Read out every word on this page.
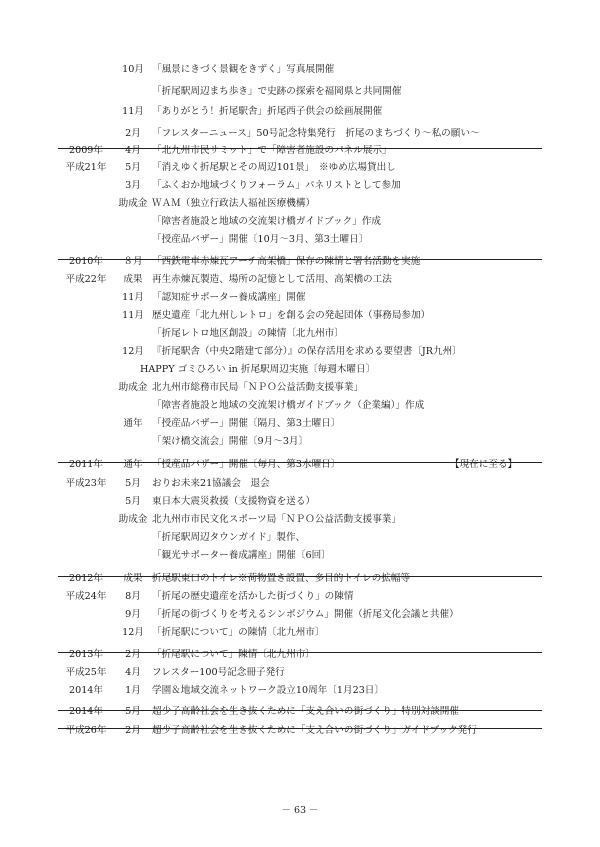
10月 「風景にきづく景観をきずく」写真展開催
「折尾駅周辺まち歩き」で史跡の探索を福岡県と共同開催
11月 「ありがとう！折尾駅舎」折尾西子供会の絵画展開催
2月	「フレスターニュース」50号記念特集発行　折尾のまちづくり～私の願い～
2009年	4月	「北九州市民サミット」で「障害者施設のパネル展示」
平成21年	5月	「消えゆく折尾駅とその周辺101景」　※ゆめ広場貸出し
3月	「ふくおか地域づくりフォーラム」パネリストとして参加
助成金 ＷＡＭ（独立行政法人福祉医療機構）
「障害者施設と地域の交流架け橋ガイドブック」作成
「授産品バザー」開催〔10月～3月、第3土曜日〕
2010年	８月 「西鉄電車赤煉瓦アーチ高架橋」保存の陳情と署名活動を実施
平成22年	成果 再生赤煉瓦製造、場所の記憶として活用、高架橋の工法
11月 「認知症サポーター養成講座」開催
11月 歴史遺産「北九州しレトロ」を創る会の発起団体（事務局参加）
「折尾レトロ地区創設」の陳情〔北九州市〕
12月 『折尾駅舎（中央2階建て部分）』の保存活用を求める要望書〔JR九州〕
HAPPY ゴミひろい in 折尾駅周辺実施〔毎週木曜日〕
助成金 北九州市総務市民局「ＮＰＯ公益活動支援事業」
「障害者施設と地域の交流架け橋ガイドブック（企業編）」作成
通年 「授産品バザー」開催〔隔月、第3土曜日〕
「架け橋交流会」開催〔9月～3月〕
2011年	通年 「授産品バザー」開催〔毎月、第3水曜日〕	【現在に至る】
平成23年	5月	おりお未来21協議会　退会
5月	東日本大震災救援（支援物資を送る）
助成金 北九州市市民文化スポーツ局「ＮＰＯ公益活動支援事業」
「折尾駅周辺タウンガイド」製作、
「観光サポーター養成講座」開催〔6回〕
2012年	成果 折尾駅東口のトイレ※荷物置き設置、多目的トイレの拡幅等
平成24年	8月	「折尾の歴史遺産を活かした街づくり」の陳情
9月	「折尾の街づくりを考えるシンポジウム」開催（折尾文化会議と共催）
12月 「折尾駅について」の陳情〔北九州市〕
2013年	2月	「折尾駅について」陳情〔北九州市〕
平成25年	4月	フレスター100号記念冊子発行
2014年	1月	学園＆地域交流ネットワーク設立10周年〔1月23日〕
2014年	5月	超少子高齢社会を生き抜くために「支え合いの街づくり」特別対談開催
平成26年	2月	超少子高齢社会を生き抜くために「支え合いの街づくり」ガイドブック発行
－ 63 －
